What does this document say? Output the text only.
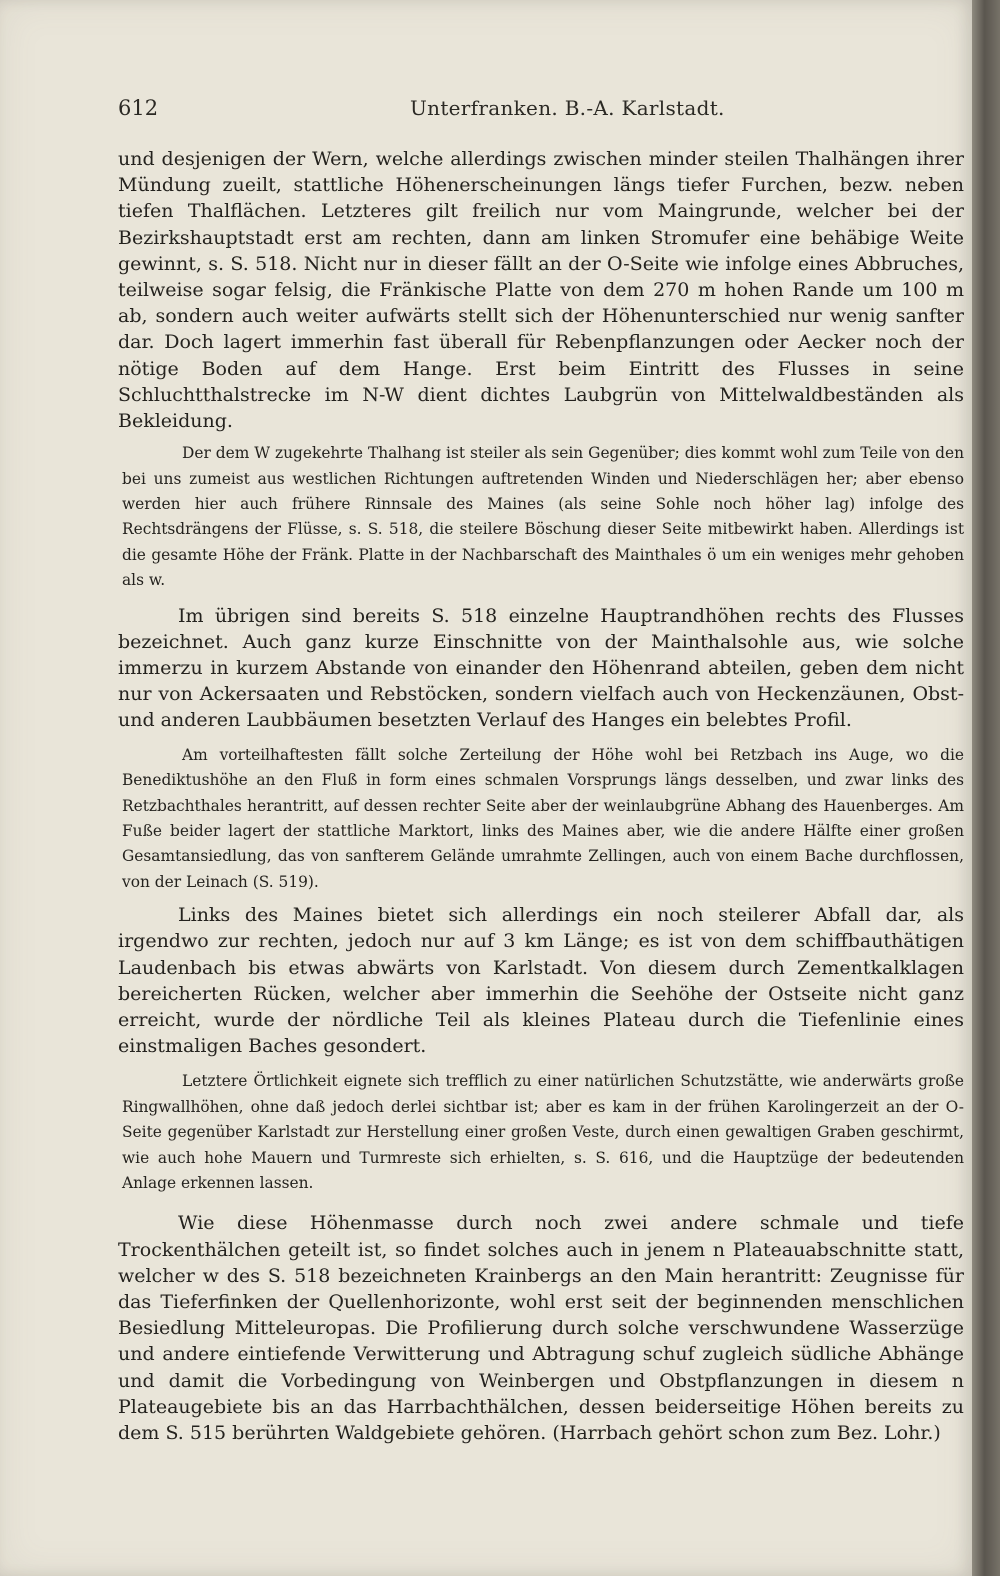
612	Unterfranken. B.-A. Karlstadt.

und desjenigen der Wern, welche allerdings zwischen minder steilen Thalhängen ihrer Mündung zueilt, stattliche Höhenerscheinungen längs tiefer Furchen, bezw. neben tiefen Thalflächen. Letzteres gilt freilich nur vom Maingrunde, welcher bei der Bezirkshauptstadt erst am rechten, dann am linken Stromufer eine behäbige Weite gewinnt, s. S. 518. Nicht nur in dieser fällt an der O-Seite wie infolge eines Abbruches, teilweise sogar felsig, die Fränkische Platte von dem 270 m hohen Rande um 100 m ab, sondern auch weiter aufwärts stellt sich der Höhenunterschied nur wenig sanfter dar. Doch lagert immerhin fast überall für Rebenpflanzungen oder Aecker noch der nötige Boden auf dem Hange. Erst beim Eintritt des Flusses in seine Schluchtthalstrecke im N-W dient dichtes Laubgrün von Mittelwaldbeständen als Bekleidung.

Der dem W zugekehrte Thalhang ist steiler als sein Gegenüber; dies kommt wohl zum Teile von den bei uns zumeist aus westlichen Richtungen auftretenden Winden und Niederschlägen her; aber ebenso werden hier auch frühere Rinnsale des Maines (als seine Sohle noch höher lag) infolge des Rechtsdrängens der Flüsse, s. S. 518, die steilere Böschung dieser Seite mitbewirkt haben. Allerdings ist die gesamte Höhe der Fränk. Platte in der Nachbarschaft des Mainthales ö um ein weniges mehr gehoben als w.

Im übrigen sind bereits S. 518 einzelne Hauptrandhöhen rechts des Flusses bezeichnet. Auch ganz kurze Einschnitte von der Mainthalsohle aus, wie solche immerzu in kurzem Abstande von einander den Höhenrand abteilen, geben dem nicht nur von Ackersaaten und Rebstöcken, sondern vielfach auch von Heckenzäunen, Obst- und anderen Laubbäumen besetzten Verlauf des Hanges ein belebtes Profil.

Am vorteilhaftesten fällt solche Zerteilung der Höhe wohl bei Retzbach ins Auge, wo die Benediktushöhe an den Fluß in form eines schmalen Vorsprungs längs desselben, und zwar links des Retzbachthales herantritt, auf dessen rechter Seite aber der weinlaubgrüne Abhang des Hauenberges. Am Fuße beider lagert der stattliche Marktort, links des Maines aber, wie die andere Hälfte einer großen Gesamtansiedlung, das von sanfterem Gelände umrahmte Zellingen, auch von einem Bache durchflossen, von der Leinach (S. 519).

Links des Maines bietet sich allerdings ein noch steilerer Abfall dar, als irgendwo zur rechten, jedoch nur auf 3 km Länge; es ist von dem schiffbauthätigen Laudenbach bis etwas abwärts von Karlstadt. Von diesem durch Zementkalklagen bereicherten Rücken, welcher aber immerhin die Seehöhe der Ostseite nicht ganz erreicht, wurde der nördliche Teil als kleines Plateau durch die Tiefenlinie eines einstmaligen Baches gesondert.

Letztere Örtlichkeit eignete sich trefflich zu einer natürlichen Schutzstätte, wie anderwärts große Ringwallhöhen, ohne daß jedoch derlei sichtbar ist; aber es kam in der frühen Karolingerzeit an der O-Seite gegenüber Karlstadt zur Herstellung einer großen Veste, durch einen gewaltigen Graben geschirmt, wie auch hohe Mauern und Turmreste sich erhielten, s. S. 616, und die Hauptzüge der bedeutenden Anlage erkennen lassen.

Wie diese Höhenmasse durch noch zwei andere schmale und tiefe Trockenthälchen geteilt ist, so findet solches auch in jenem n Plateauabschnitte statt, welcher w des S. 518 bezeichneten Krainbergs an den Main herantritt: Zeugnisse für das Tieferfinken der Quellenhorizonte, wohl erst seit der beginnenden menschlichen Besiedlung Mitteleuropas. Die Profilierung durch solche verschwundene Wasserzüge und andere eintiefende Verwitterung und Abtragung schuf zugleich südliche Abhänge und damit die Vorbedingung von Weinbergen und Obstpflanzungen in diesem n Plateaugebiete bis an das Harrbachthälchen, dessen beiderseitige Höhen bereits zu dem S. 515 berührten Waldgebiete gehören. (Harrbach gehört schon zum Bez. Lohr.)
